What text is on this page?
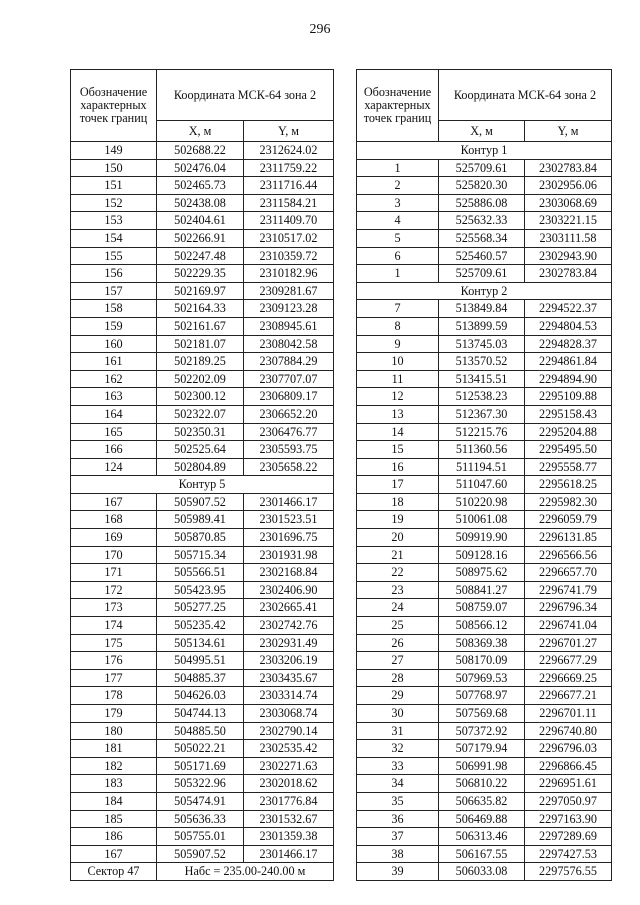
296
Обозначение характерных точек границ	Координата МСК-64 зона 2	
	X, м	Y, м
149	502688.22	2312624.02
150	502476.04	2311759.22
151	502465.73	2311716.44
152	502438.08	2311584.21
153	502404.61	2311409.70
154	502266.91	2310517.02
155	502247.48	2310359.72
156	502229.35	2310182.96
157	502169.97	2309281.67
158	502164.33	2309123.28
159	502161.67	2308945.61
160	502181.07	2308042.58
161	502189.25	2307884.29
162	502202.09	2307707.07
163	502300.12	2306809.17
164	502322.07	2306652.20
165	502350.31	2306476.77
166	502525.64	2305593.75
124	502804.89	2305658.22
Контур 5		
167	505907.52	2301466.17
168	505989.41	2301523.51
169	505870.85	2301696.75
170	505715.34	2301931.98
171	505566.51	2302168.84
172	505423.95	2302406.90
173	505277.25	2302665.41
174	505235.42	2302742.76
175	505134.61	2302931.49
176	504995.51	2303206.19
177	504885.37	2303435.67
178	504626.03	2303314.74
179	504744.13	2303068.74
180	504885.50	2302790.14
181	505022.21	2302535.42
182	505171.69	2302271.63
183	505322.96	2302018.62
184	505474.91	2301776.84
185	505636.33	2301532.67
186	505755.01	2301359.38
167	505907.52	2301466.17
Сектор 47	Набс = 235.00-240.00 м	
Обозначение характерных точек границ	Координата МСК-64 зона 2	
	X, м	Y, м
Контур 1		
1	525709.61	2302783.84
2	525820.30	2302956.06
3	525886.08	2303068.69
4	525632.33	2303221.15
5	525568.34	2303111.58
6	525460.57	2302943.90
1	525709.61	2302783.84
Контур 2		
7	513849.84	2294522.37
8	513899.59	2294804.53
9	513745.03	2294828.37
10	513570.52	2294861.84
11	513415.51	2294894.90
12	512538.23	2295109.88
13	512367.30	2295158.43
14	512215.76	2295204.88
15	511360.56	2295495.50
16	511194.51	2295558.77
17	511047.60	2295618.25
18	510220.98	2295982.30
19	510061.08	2296059.79
20	509919.90	2296131.85
21	509128.16	2296566.56
22	508975.62	2296657.70
23	508841.27	2296741.79
24	508759.07	2296796.34
25	508566.12	2296741.04
26	508369.38	2296701.27
27	508170.09	2296677.29
28	507969.53	2296669.25
29	507768.97	2296677.21
30	507569.68	2296701.11
31	507372.92	2296740.80
32	507179.94	2296796.03
33	506991.98	2296866.45
34	506810.22	2296951.61
35	506635.82	2297050.97
36	506469.88	2297163.90
37	506313.46	2297289.69
38	506167.55	2297427.53
39	506033.08	2297576.55
